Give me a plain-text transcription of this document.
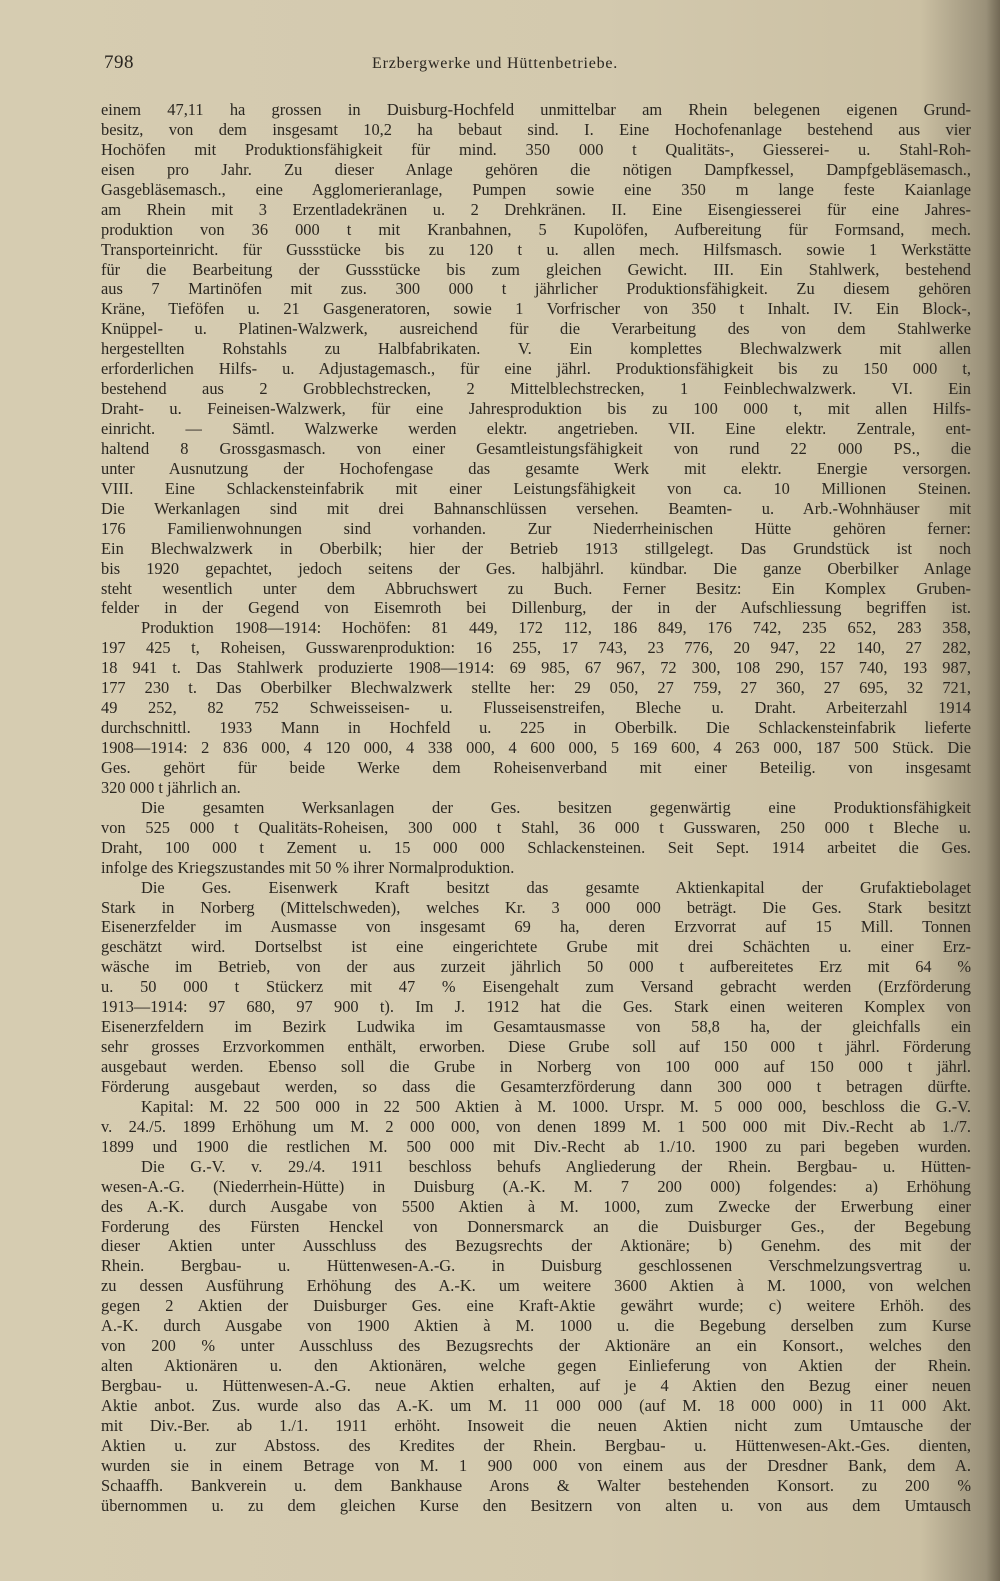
798	Erzbergwerke und Hüttenbetriebe.
einem 47,11 ha grossen in Duisburg-Hochfeld unmittelbar am Rhein belegenen eigenen Grund-
besitz, von dem insgesamt 10,2 ha bebaut sind. I. Eine Hochofenanlage bestehend aus vier
Hochöfen mit Produktionsfähigkeit für mind. 350 000 t Qualitäts-, Giesserei- u. Stahl-Roh-
eisen pro Jahr. Zu dieser Anlage gehören die nötigen Dampfkessel, Dampfgebläsemasch.,
Gasgebläsemasch., eine Agglomerieranlage, Pumpen sowie eine 350 m lange feste Kaianlage
am Rhein mit 3 Erzentladekränen u. 2 Drehkränen. II. Eine Eisengiesserei für eine Jahres-
produktion von 36 000 t mit Kranbahnen, 5 Kupolöfen, Aufbereitung für Formsand, mech.
Transporteinricht. für Gussstücke bis zu 120 t u. allen mech. Hilfsmasch. sowie 1 Werkstätte
für die Bearbeitung der Gussstücke bis zum gleichen Gewicht. III. Ein Stahlwerk, bestehend
aus 7 Martinöfen mit zus. 300 000 t jährlicher Produktionsfähigkeit. Zu diesem gehören
Kräne, Tieföfen u. 21 Gasgeneratoren, sowie 1 Vorfrischer von 350 t Inhalt. IV. Ein Block-,
Knüppel- u. Platinen-Walzwerk, ausreichend für die Verarbeitung des von dem Stahlwerke
hergestellten Rohstahls zu Halbfabrikaten. V. Ein komplettes Blechwalzwerk mit allen
erforderlichen Hilfs- u. Adjustagemasch., für eine jährl. Produktionsfähigkeit bis zu 150 000 t,
bestehend aus 2 Grobblechstrecken, 2 Mittelblechstrecken, 1 Feinblechwalzwerk. VI. Ein
Draht- u. Feineisen-Walzwerk, für eine Jahresproduktion bis zu 100 000 t, mit allen Hilfs-
einricht. — Sämtl. Walzwerke werden elektr. angetrieben. VII. Eine elektr. Zentrale, ent-
haltend 8 Grossgasmasch. von einer Gesamtleistungsfähigkeit von rund 22 000 PS., die
unter Ausnutzung der Hochofengase das gesamte Werk mit elektr. Energie versorgen.
VIII. Eine Schlackensteinfabrik mit einer Leistungsfähigkeit von ca. 10 Millionen Steinen.
Die Werkanlagen sind mit drei Bahnanschlüssen versehen. Beamten- u. Arb.-Wohnhäuser mit
176 Familienwohnungen sind vorhanden. Zur Niederrheinischen Hütte gehören ferner:
Ein Blechwalzwerk in Oberbilk; hier der Betrieb 1913 stillgelegt. Das Grundstück ist noch
bis 1920 gepachtet, jedoch seitens der Ges. halbjährl. kündbar. Die ganze Oberbilker Anlage
steht wesentlich unter dem Abbruchswert zu Buch. Ferner Besitz: Ein Komplex Gruben-
felder in der Gegend von Eisemroth bei Dillenburg, der in der Aufschliessung begriffen ist.
Produktion 1908—1914: Hochöfen: 81 449, 172 112, 186 849, 176 742, 235 652, 283 358,
197 425 t, Roheisen, Gusswarenproduktion: 16 255, 17 743, 23 776, 20 947, 22 140, 27 282,
18 941 t. Das Stahlwerk produzierte 1908—1914: 69 985, 67 967, 72 300, 108 290, 157 740, 193 987,
177 230 t. Das Oberbilker Blechwalzwerk stellte her: 29 050, 27 759, 27 360, 27 695, 32 721,
49 252, 82 752 Schweisseisen- u. Flusseisenstreifen, Bleche u. Draht. Arbeiterzahl 1914
durchschnittl. 1933 Mann in Hochfeld u. 225 in Oberbilk. Die Schlackensteinfabrik lieferte
1908—1914: 2 836 000, 4 120 000, 4 338 000, 4 600 000, 5 169 600, 4 263 000, 187 500 Stück. Die
Ges. gehört für beide Werke dem Roheisenverband mit einer Beteilig. von insgesamt
320 000 t jährlich an.
Die gesamten Werksanlagen der Ges. besitzen gegenwärtig eine Produktionsfähigkeit
von 525 000 t Qualitäts-Roheisen, 300 000 t Stahl, 36 000 t Gusswaren, 250 000 t Bleche u.
Draht, 100 000 t Zement u. 15 000 000 Schlackensteinen. Seit Sept. 1914 arbeitet die Ges.
infolge des Kriegszustandes mit 50 % ihrer Normalproduktion.
Die Ges. Eisenwerk Kraft besitzt das gesamte Aktienkapital der Grufaktiebolaget
Stark in Norberg (Mittelschweden), welches Kr. 3 000 000 beträgt. Die Ges. Stark besitzt
Eisenerzfelder im Ausmasse von insgesamt 69 ha, deren Erzvorrat auf 15 Mill. Tonnen
geschätzt wird. Dortselbst ist eine eingerichtete Grube mit drei Schächten u. einer Erz-
wäsche im Betrieb, von der aus zurzeit jährlich 50 000 t aufbereitetes Erz mit 64 %
u. 50 000 t Stückerz mit 47 % Eisengehalt zum Versand gebracht werden (Erzförderung
1913—1914: 97 680, 97 900 t). Im J. 1912 hat die Ges. Stark einen weiteren Komplex von
Eisenerzfeldern im Bezirk Ludwika im Gesamtausmasse von 58,8 ha, der gleichfalls ein
sehr grosses Erzvorkommen enthält, erworben. Diese Grube soll auf 150 000 t jährl. Förderung
ausgebaut werden. Ebenso soll die Grube in Norberg von 100 000 auf 150 000 t jährl.
Förderung ausgebaut werden, so dass die Gesamterzförderung dann 300 000 t betragen dürfte.
Kapital: M. 22 500 000 in 22 500 Aktien à M. 1000. Urspr. M. 5 000 000, beschloss die G.-V.
v. 24./5. 1899 Erhöhung um M. 2 000 000, von denen 1899 M. 1 500 000 mit Div.-Recht ab 1./7.
1899 und 1900 die restlichen M. 500 000 mit Div.-Recht ab 1./10. 1900 zu pari begeben wurden.
Die G.-V. v. 29./4. 1911 beschloss behufs Angliederung der Rhein. Bergbau- u. Hütten-
wesen-A.-G. (Niederrhein-Hütte) in Duisburg (A.-K. M. 7 200 000) folgendes: a) Erhöhung
des A.-K. durch Ausgabe von 5500 Aktien à M. 1000, zum Zwecke der Erwerbung einer
Forderung des Fürsten Henckel von Donnersmarck an die Duisburger Ges., der Begebung
dieser Aktien unter Ausschluss des Bezugsrechts der Aktionäre; b) Genehm. des mit der
Rhein. Bergbau- u. Hüttenwesen-A.-G. in Duisburg geschlossenen Verschmelzungsvertrag u.
zu dessen Ausführung Erhöhung des A.-K. um weitere 3600 Aktien à M. 1000, von welchen
gegen 2 Aktien der Duisburger Ges. eine Kraft-Aktie gewährt wurde; c) weitere Erhöh. des
A.-K. durch Ausgabe von 1900 Aktien à M. 1000 u. die Begebung derselben zum Kurse
von 200 % unter Ausschluss des Bezugsrechts der Aktionäre an ein Konsort., welches den
alten Aktionären u. den Aktionären, welche gegen Einlieferung von Aktien der Rhein.
Bergbau- u. Hüttenwesen-A.-G. neue Aktien erhalten, auf je 4 Aktien den Bezug einer neuen
Aktie anbot. Zus. wurde also das A.-K. um M. 11 000 000 (auf M. 18 000 000) in 11 000 Akt.
mit Div.-Ber. ab 1./1. 1911 erhöht. Insoweit die neuen Aktien nicht zum Umtausche der
Aktien u. zur Abstoss. des Kredites der Rhein. Bergbau- u. Hüttenwesen-Akt.-Ges. dienten,
wurden sie in einem Betrage von M. 1 900 000 von einem aus der Dresdner Bank, dem A.
Schaaffh. Bankverein u. dem Bankhause Arons & Walter bestehenden Konsort. zu 200 %
übernommen u. zu dem gleichen Kurse den Besitzern von alten u. von aus dem Umtausch
